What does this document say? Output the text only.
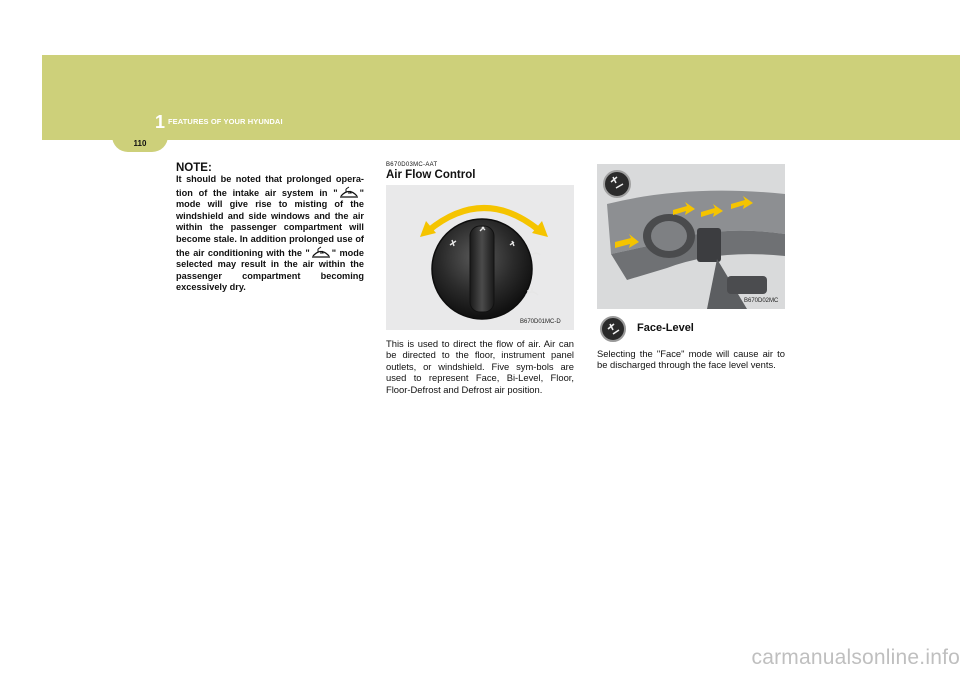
1 FEATURES OF YOUR HYUNDAI
110
NOTE:
It should be noted that prolonged opera-tion of the intake air system in " " mode will give rise to misting of the windshield and side windows and the air within the passenger compartment will become stale. In addition prolonged use of the air conditioning with the " " mode selected may result in the air within the passenger compartment becoming excessively dry.
B670D03MC-AAT
Air Flow Control
B670D01MC-D
This is used to direct the flow of air. Air can be directed to the floor, instrument panel outlets, or windshield. Five sym-bols are used to represent Face, Bi-Level, Floor, Floor-Defrost and Defrost air position.
B670D02MC
Face-Level
Selecting the "Face" mode will cause air to be discharged through the face level vents.
carmanualsonline.info
